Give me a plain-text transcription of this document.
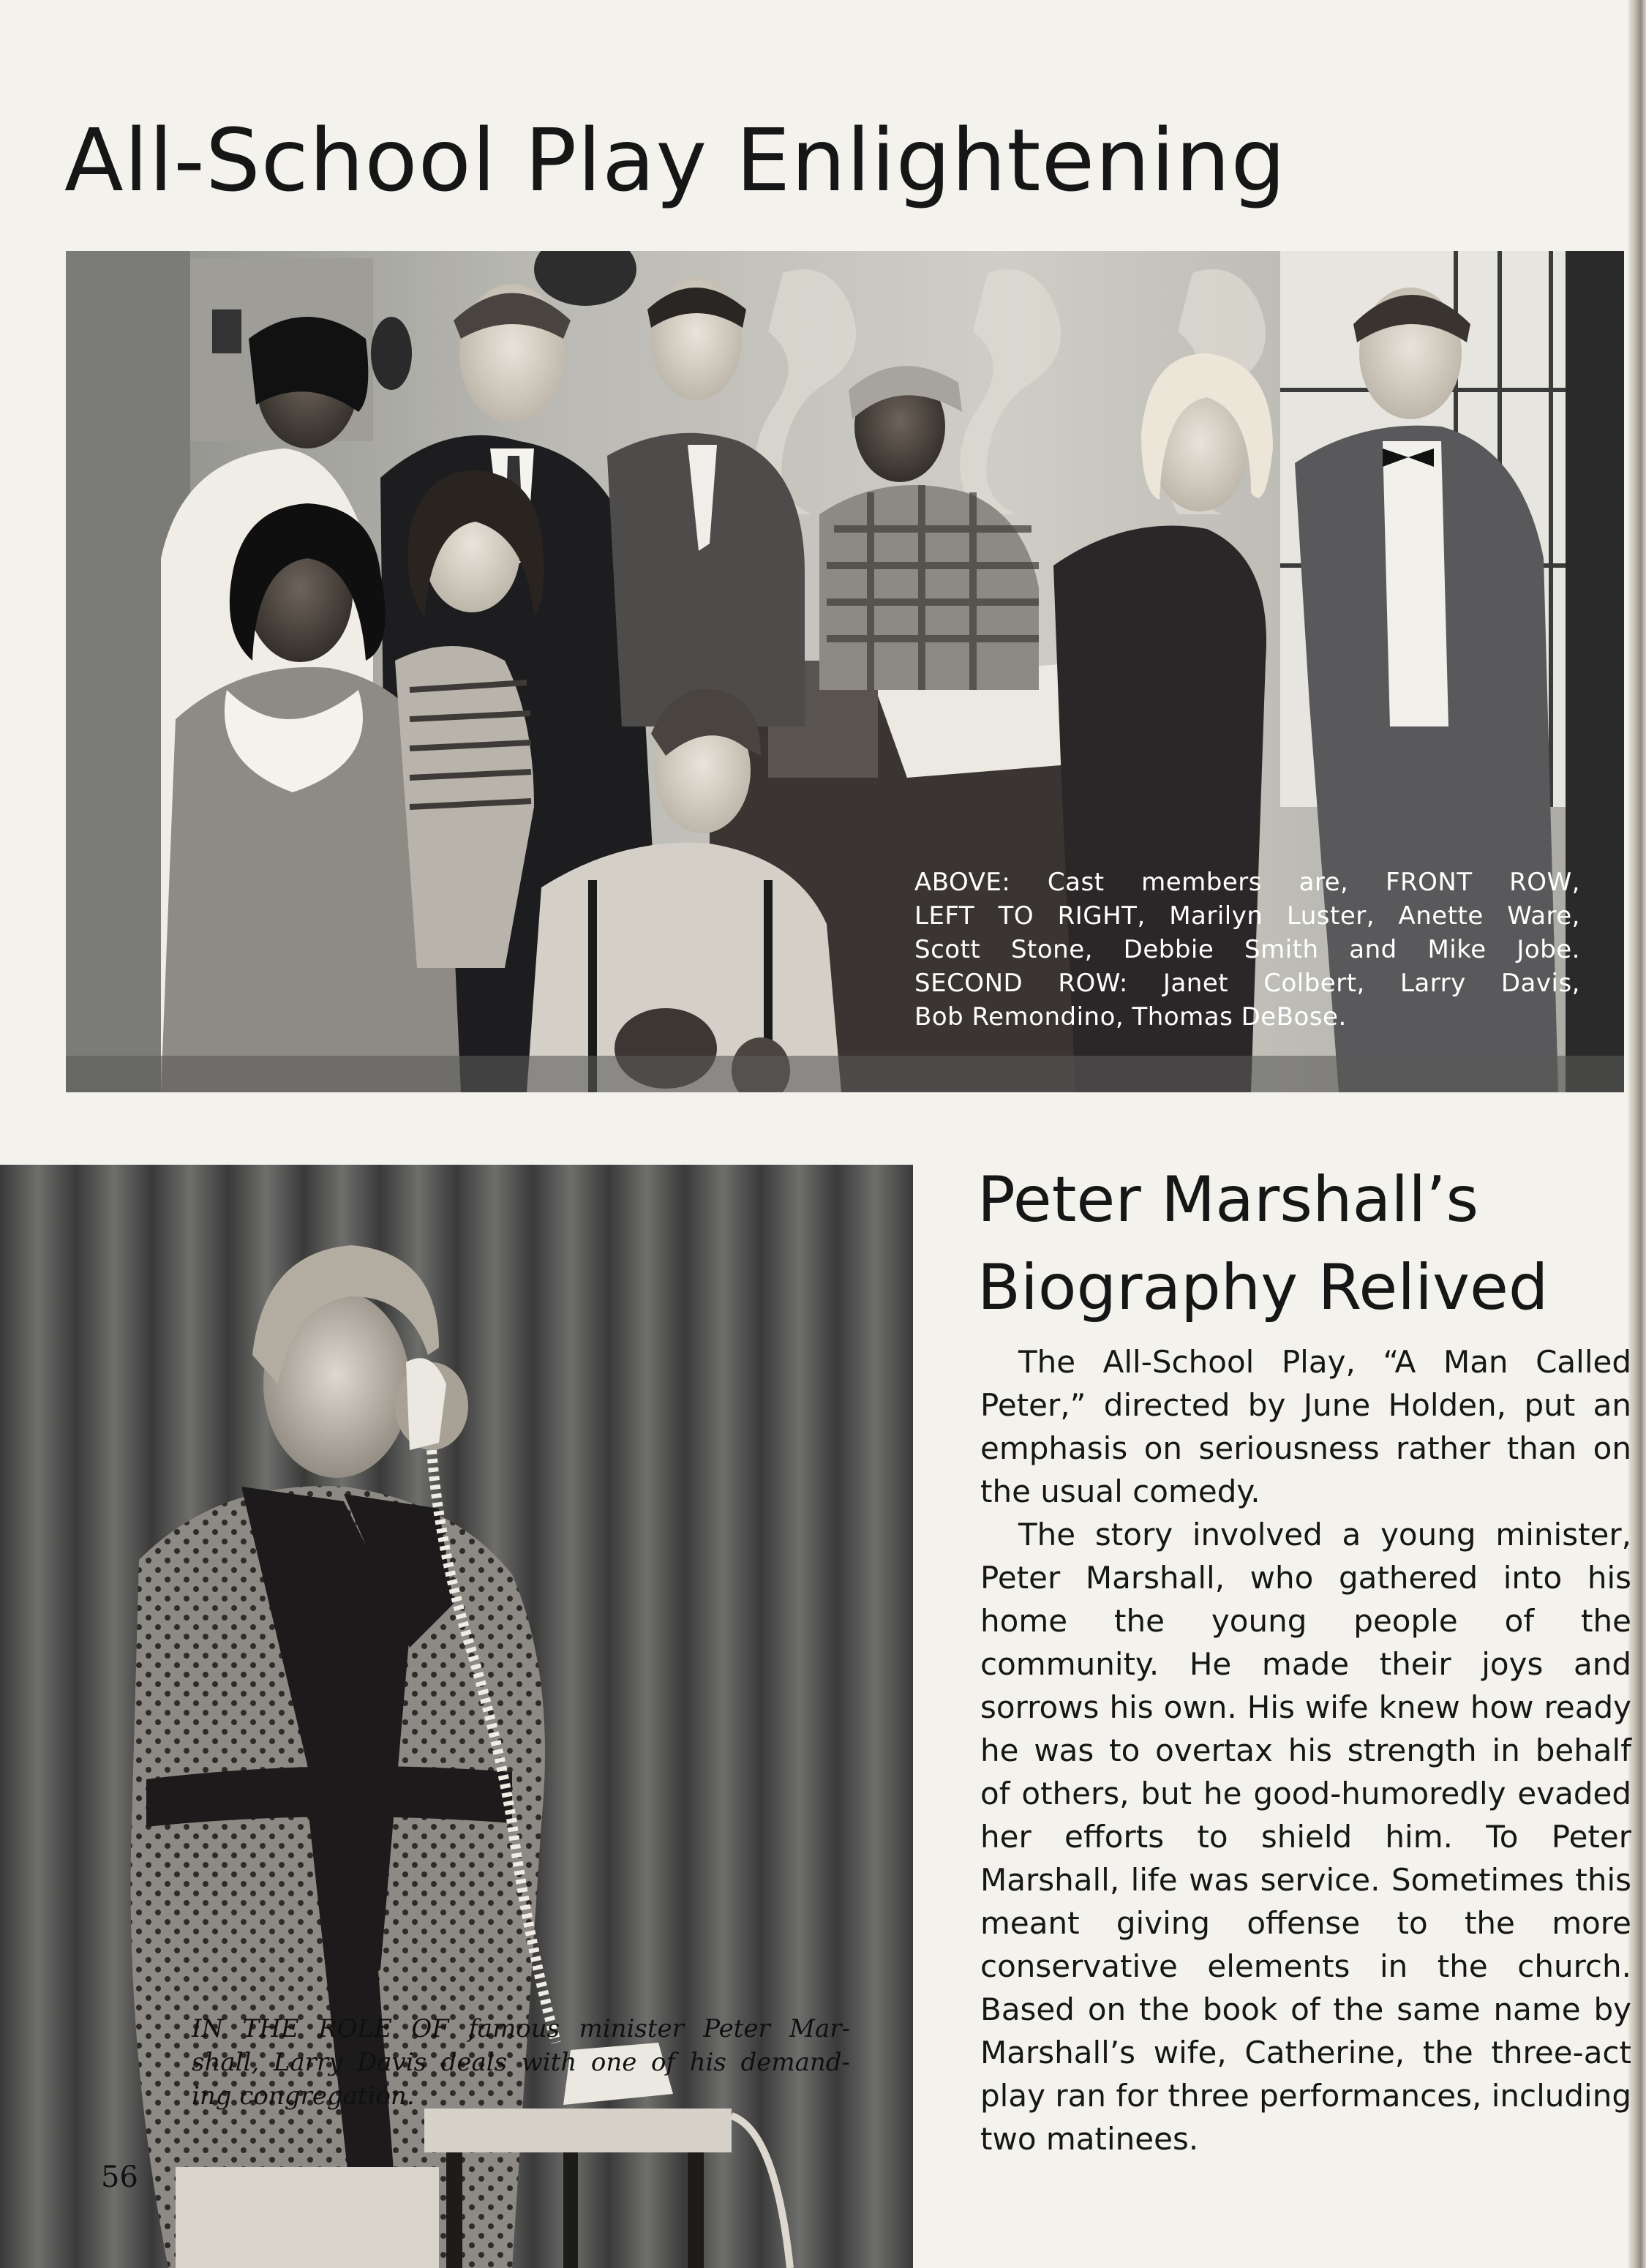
All-School Play Enlightening

ABOVE: Cast members are, FRONT ROW,
LEFT TO RIGHT, Marilyn Luster, Anette Ware,
Scott Stone, Debbie Smith and Mike Jobe.
SECOND ROW: Janet Colbert, Larry Davis,
Bob Remondino, Thomas DeBose.

IN THE ROLE OF famous minister Peter Mar-
shall, Larry Davis deals with one of his demand-
ing congregation.

56
Peter Marshall’s
Biography Relived

The All-School Play, “A Man Called Peter,” directed by June Holden, put an emphasis on seriousness rather than on the usual comedy.

The story involved a young minister, Peter Marshall, who gathered into his home the young people of the community. He made their joys and sorrows his own. His wife knew how ready he was to overtax his strength in behalf of others, but he good-humoredly evaded her efforts to shield him. To Peter Marshall, life was service. Sometimes this meant giving offense to the more conservative elements in the church. Based on the book of the same name by Marshall’s wife, Catherine, the three-act play ran for three performances, including two matinees.
